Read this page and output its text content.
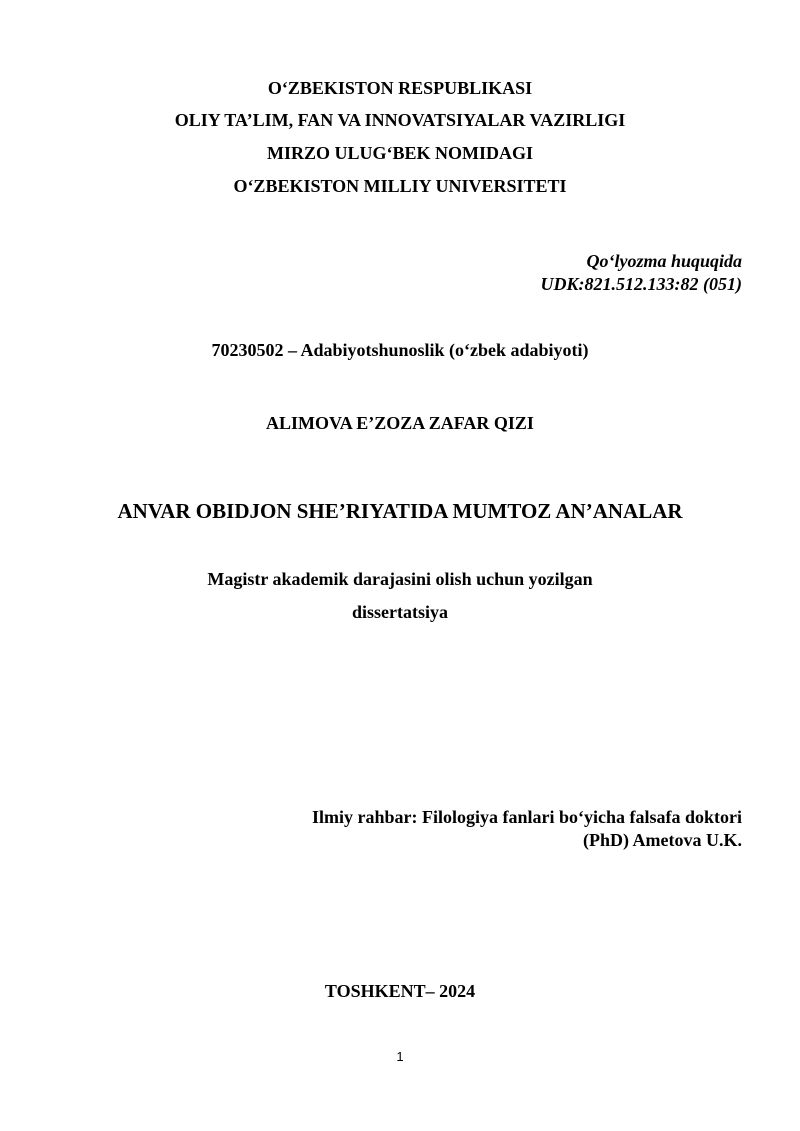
O‘ZBEKISTON RESPUBLIKASI

OLIY TA’LIM, FAN VA INNOVATSIYALAR VAZIRLIGI

MIRZO ULUG‘BEK NOMIDAGI

O‘ZBEKISTON MILLIY UNIVERSITETI

Qo‘lyozma huquqida

UDK:821.512.133:82 (051)

70230502 – Adabiyotshunoslik (o‘zbek adabiyoti)

ALIMOVA E’ZOZA ZAFAR QIZI

ANVAR OBIDJON SHE’RIYATIDA MUMTOZ AN’ANALAR

Magistr akademik darajasini olish uchun yozilgan

dissertatsiya

Ilmiy rahbar: Filologiya fanlari bo‘yicha falsafa doktori

(PhD) Ametova U.K.

TOSHKENT– 2024

1
